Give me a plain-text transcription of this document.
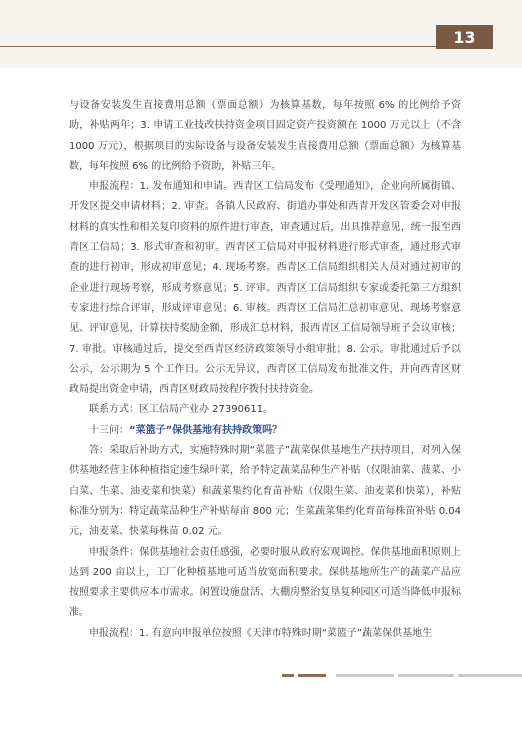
13

与设备安装发生直接费用总额（票面总额）为核算基数，每年按照 6% 的比例给予资助，补贴两年；3. 申请工业技改扶持资金项目固定资产投资额在 1000 万元以上（不含 1000 万元），根据项目的实际设备与设备安装发生直接费用总额（票面总额）为核算基数，每年按照 6% 的比例给予资助，补贴三年。

申报流程：1. 发布通知和申请。西青区工信局发布《受理通知》，企业向所属街镇、开发区提交申请材料；2. 审查。各镇人民政府、街道办事处和西青开发区管委会对申报材料的真实性和相关复印资料的原件进行审查，审查通过后，出具推荐意见，统一报至西青区工信局；3. 形式审查和初审。西青区工信局对申报材料进行形式审查，通过形式审查的进行初审，形成初审意见；4. 现场考察。西青区工信局组织相关人员对通过初审的企业进行现场考察，形成考察意见；5. 评审。西青区工信局组织专家或委托第三方组织专家进行综合评审，形成评审意见；6. 审核。西青区工信局汇总初审意见、现场考察意见、评审意见，计算扶持奖励金额，形成汇总材料，报西青区工信局领导班子会议审核；7. 审批。审核通过后，提交至西青区经济政策领导小组审批；8. 公示。审批通过后予以公示，公示期为 5 个工作日。公示无异议，西青区工信局发布批准文件，并向西青区财政局提出资金申请，西青区财政局按程序拨付扶持资金。

联系方式：区工信局产业办 27390611。

十三问：“菜篮子”保供基地有扶持政策吗？

答：采取后补助方式，实施特殊时期“菜篮子”蔬菜保供基地生产扶持项目，对列入保供基地经营主体种植指定速生绿叶菜，给予特定蔬菜品种生产补贴（仅限油菜、菠菜、小白菜、生菜、油麦菜和快菜）和蔬菜集约化育苗补贴（仅限生菜、油麦菜和快菜），补贴标准分别为：特定蔬菜品种生产补贴每亩 800 元；生菜蔬菜集约化育苗每株苗补贴 0.04 元，油麦菜、快菜每株苗 0.02 元。

申报条件：保供基地社会责任感强，必要时服从政府宏观调控。保供基地面积原则上达到 200 亩以上，工厂化种植基地可适当放宽面积要求。保供基地所生产的蔬菜产品应按照要求主要供应本市需求。闲置设施盘活、大棚房整治复垦复种园区可适当降低申报标准。

申报流程：1. 有意向申报单位按照《天津市特殊时期“菜篮子”蔬菜保供基地生
